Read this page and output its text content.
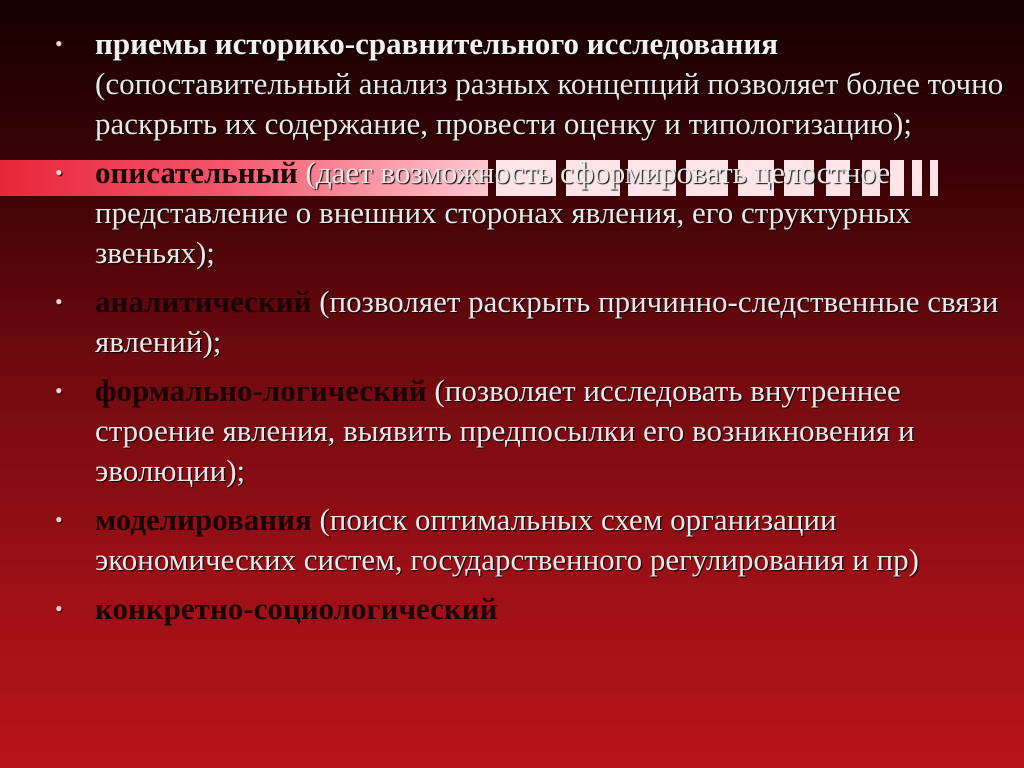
• приемы историко-сравнительного исследования (сопоставительный анализ разных концепций позволяет более точно раскрыть их содержание, провести оценку и типологизацию);
• описательный (дает возможность сформировать целостное представление о внешних сторонах явления, его структурных звеньях);
• аналитический (позволяет раскрыть причинно-следственные связи явлений);
• формально-логический (позволяет исследовать внутреннее строение явления, выявить предпосылки его возникновения и эволюции);
• моделирования (поиск оптимальных схем организации экономических систем, государственного регулирования и пр)
• конкретно-социологический
